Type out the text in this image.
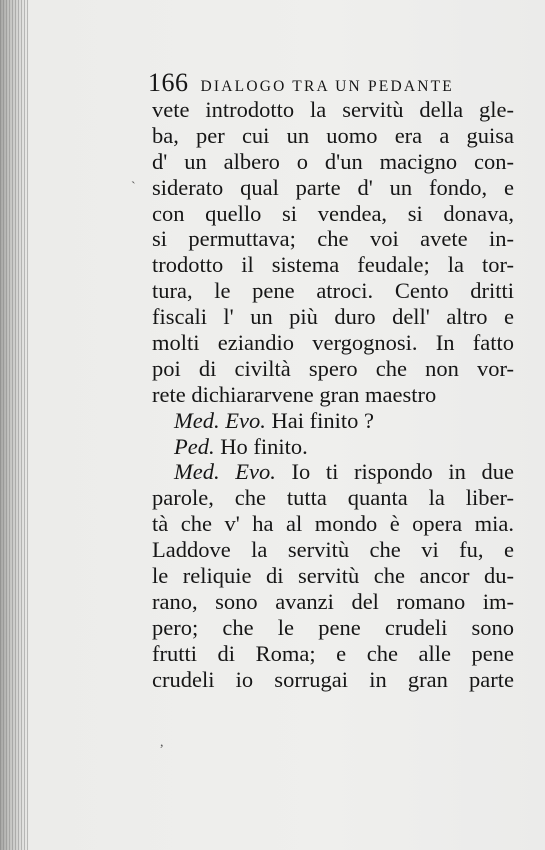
166 DIALOGO TRA UN PEDANTE
vete introdotto la servitù della gle-
ba, per cui un uomo era a guisa
d' un albero o d'un macigno con-
siderato qual parte d' un fondo, e
con quello si vendea, si donava,
si permuttava; che voi avete in-
trodotto il sistema feudale; la tor-
tura, le pene atroci. Cento dritti
fiscali l' un più duro dell' altro e
molti eziandio vergognosi. In fatto
poi di civiltà spero che non vor-
rete dichiararvene gran maestro
Med. Evo. Hai finito ?
Ped. Ho finito.
Med. Evo. Io ti rispondo in due
parole, che tutta quanta la liber-
tà che v' ha al mondo è opera mia.
Laddove la servitù che vi fu, e
le reliquie di servitù che ancor du-
rano, sono avanzi del romano im-
pero; che le pene crudeli sono
frutti di Roma; e che alle pene
crudeli io sorrugai in gran parte
`
,
